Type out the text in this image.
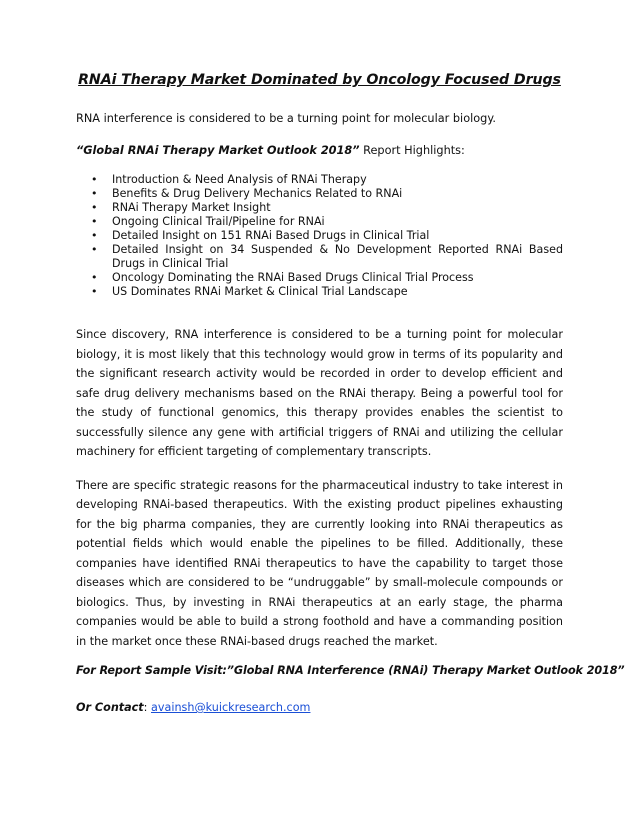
RNAi Therapy Market Dominated by Oncology Focused Drugs
RNA interference is considered to be a turning point for molecular biology.
“Global RNAi Therapy Market Outlook 2018” Report Highlights:
• Introduction & Need Analysis of RNAi Therapy
• Benefits & Drug Delivery Mechanics Related to RNAi
• RNAi Therapy Market Insight
• Ongoing Clinical Trail/Pipeline for RNAi
• Detailed Insight on 151 RNAi Based Drugs in Clinical Trial
• Detailed Insight on 34 Suspended & No Development Reported RNAi Based Drugs in Clinical Trial
• Oncology Dominating the RNAi Based Drugs Clinical Trial Process
• US Dominates RNAi Market & Clinical Trial Landscape

Since discovery, RNA interference is considered to be a turning point for molecular biology, it is most likely that this technology would grow in terms of its popularity and the significant research activity would be recorded in order to develop efficient and safe drug delivery mechanisms based on the RNAi therapy. Being a powerful tool for the study of functional genomics, this therapy provides enables the scientist to successfully silence any gene with artificial triggers of RNAi and utilizing the cellular machinery for efficient targeting of complementary transcripts.

There are specific strategic reasons for the pharmaceutical industry to take interest in developing RNAi-based therapeutics. With the existing product pipelines exhausting for the big pharma companies, they are currently looking into RNAi therapeutics as potential fields which would enable the pipelines to be filled. Additionally, these companies have identified RNAi therapeutics to have the capability to target those diseases which are considered to be “undruggable” by small-molecule compounds or biologics. Thus, by investing in RNAi therapeutics at an early stage, the pharma companies would be able to build a strong foothold and have a commanding position in the market once these RNAi-based drugs reached the market.

For Report Sample Visit:”Global RNA Interference (RNAi) Therapy Market Outlook 2018”
Or Contact: avainsh@kuickresearch.com
